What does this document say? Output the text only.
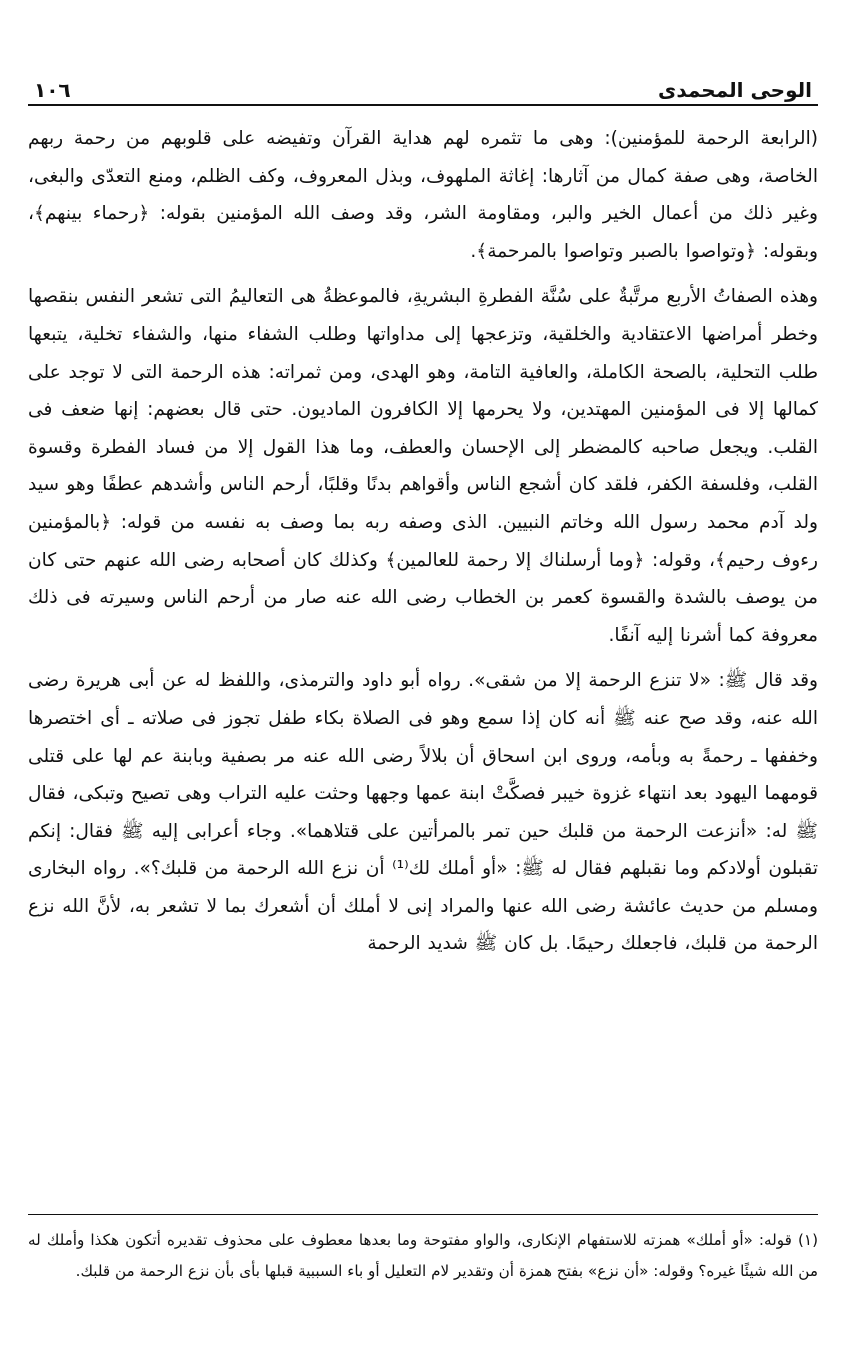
الوحى المحمدى
١٠٦

(الرابعة الرحمة للمؤمنين): وهى ما تثمره لهم هداية القرآن وتفيضه على قلوبهم من رحمة ربهم الخاصة، وهى صفة كمال من آثارها: إغاثة الملهوف، وبذل المعروف، وكف الظلم، ومنع التعدّى والبغى، وغير ذلك من أعمال الخير والبر، ومقاومة الشر، وقد وصف الله المؤمنين بقوله: ﴿رحماء بينهم﴾، وبقوله: ﴿وتواصوا بالصبر وتواصوا بالمرحمة﴾.

وهذه الصفاتُ الأربع مرتَّبةٌ على سُنَّة الفطرةِ البشريةِ، فالموعظةُ هى التعاليمُ التى تشعر النفس بنقصها وخطر أمراضها الاعتقادية والخلقية، وتزعجها إلى مداواتها وطلب الشفاء منها، والشفاء تخلية، يتبعها طلب التحلية، بالصحة الكاملة، والعافية التامة، وهو الهدى، ومن ثمراته: هذه الرحمة التى لا توجد على كمالها إلا فى المؤمنين المهتدين، ولا يحرمها إلا الكافرون الماديون. حتى قال بعضهم: إنها ضعف فى القلب. ويجعل صاحبه كالمضطر إلى الإحسان والعطف، وما هذا القول إلا من فساد الفطرة وقسوة القلب، وفلسفة الكفر، فلقد كان أشجع الناس وأقواهم بدنًا وقلبًا، أرحم الناس وأشدهم عطفًا وهو سيد ولد آدم محمد رسول الله وخاتم النبيين. الذى وصفه ربه بما وصف به نفسه من قوله: ﴿بالمؤمنين رءوف رحيم﴾، وقوله: ﴿وما أرسلناك إلا رحمة للعالمين﴾ وكذلك كان أصحابه رضى الله عنهم حتى كان من يوصف بالشدة والقسوة كعمر بن الخطاب رضى الله عنه صار من أرحم الناس وسيرته فى ذلك معروفة كما أشرنا إليه آنفًا.

وقد قال ﷺ: «لا تنزع الرحمة إلا من شقى». رواه أبو داود والترمذى، واللفظ له عن أبى هريرة رضى الله عنه، وقد صح عنه ﷺ أنه كان إذا سمع وهو فى الصلاة بكاء طفل تجوز فى صلاته ـ أى اختصرها وخففها ـ رحمةً به وبأمه، وروى ابن اسحاق أن بلالاً رضى الله عنه مر بصفية وبابنة عم لها على قتلى قومهما اليهود بعد انتهاء غزوة خيبر فصكَّتْ ابنة عمها وجهها وحثت عليه التراب وهى تصيح وتبكى، فقال ﷺ له: «أنزعت الرحمة من قلبك حين تمر بالمرأتين على قتلاهما». وجاء أعرابى إليه ﷺ فقال: إنكم تقبلون أولادكم وما نقبلهم فقال له ﷺ: «أو أملك لك⁽¹⁾ أن نزع الله الرحمة من قلبك؟». رواه البخارى ومسلم من حديث عائشة رضى الله عنها والمراد إنى لا أملك أن أشعرك بما لا تشعر به، لأنَّ الله نزع الرحمة من قلبك، فاجعلك رحيمًا. بل كان ﷺ شديد الرحمة

(١) قوله: «أو أملك» همزته للاستفهام الإنكارى، والواو مفتوحة وما بعدها معطوف على محذوف تقديره أتكون هكذا وأملك له من الله شيئًا غيره؟ وقوله: «أن نزع» بفتح همزة أن وتقدير لام التعليل أو باء السببية قبلها بأى بأن نزع الرحمة من قلبك.
